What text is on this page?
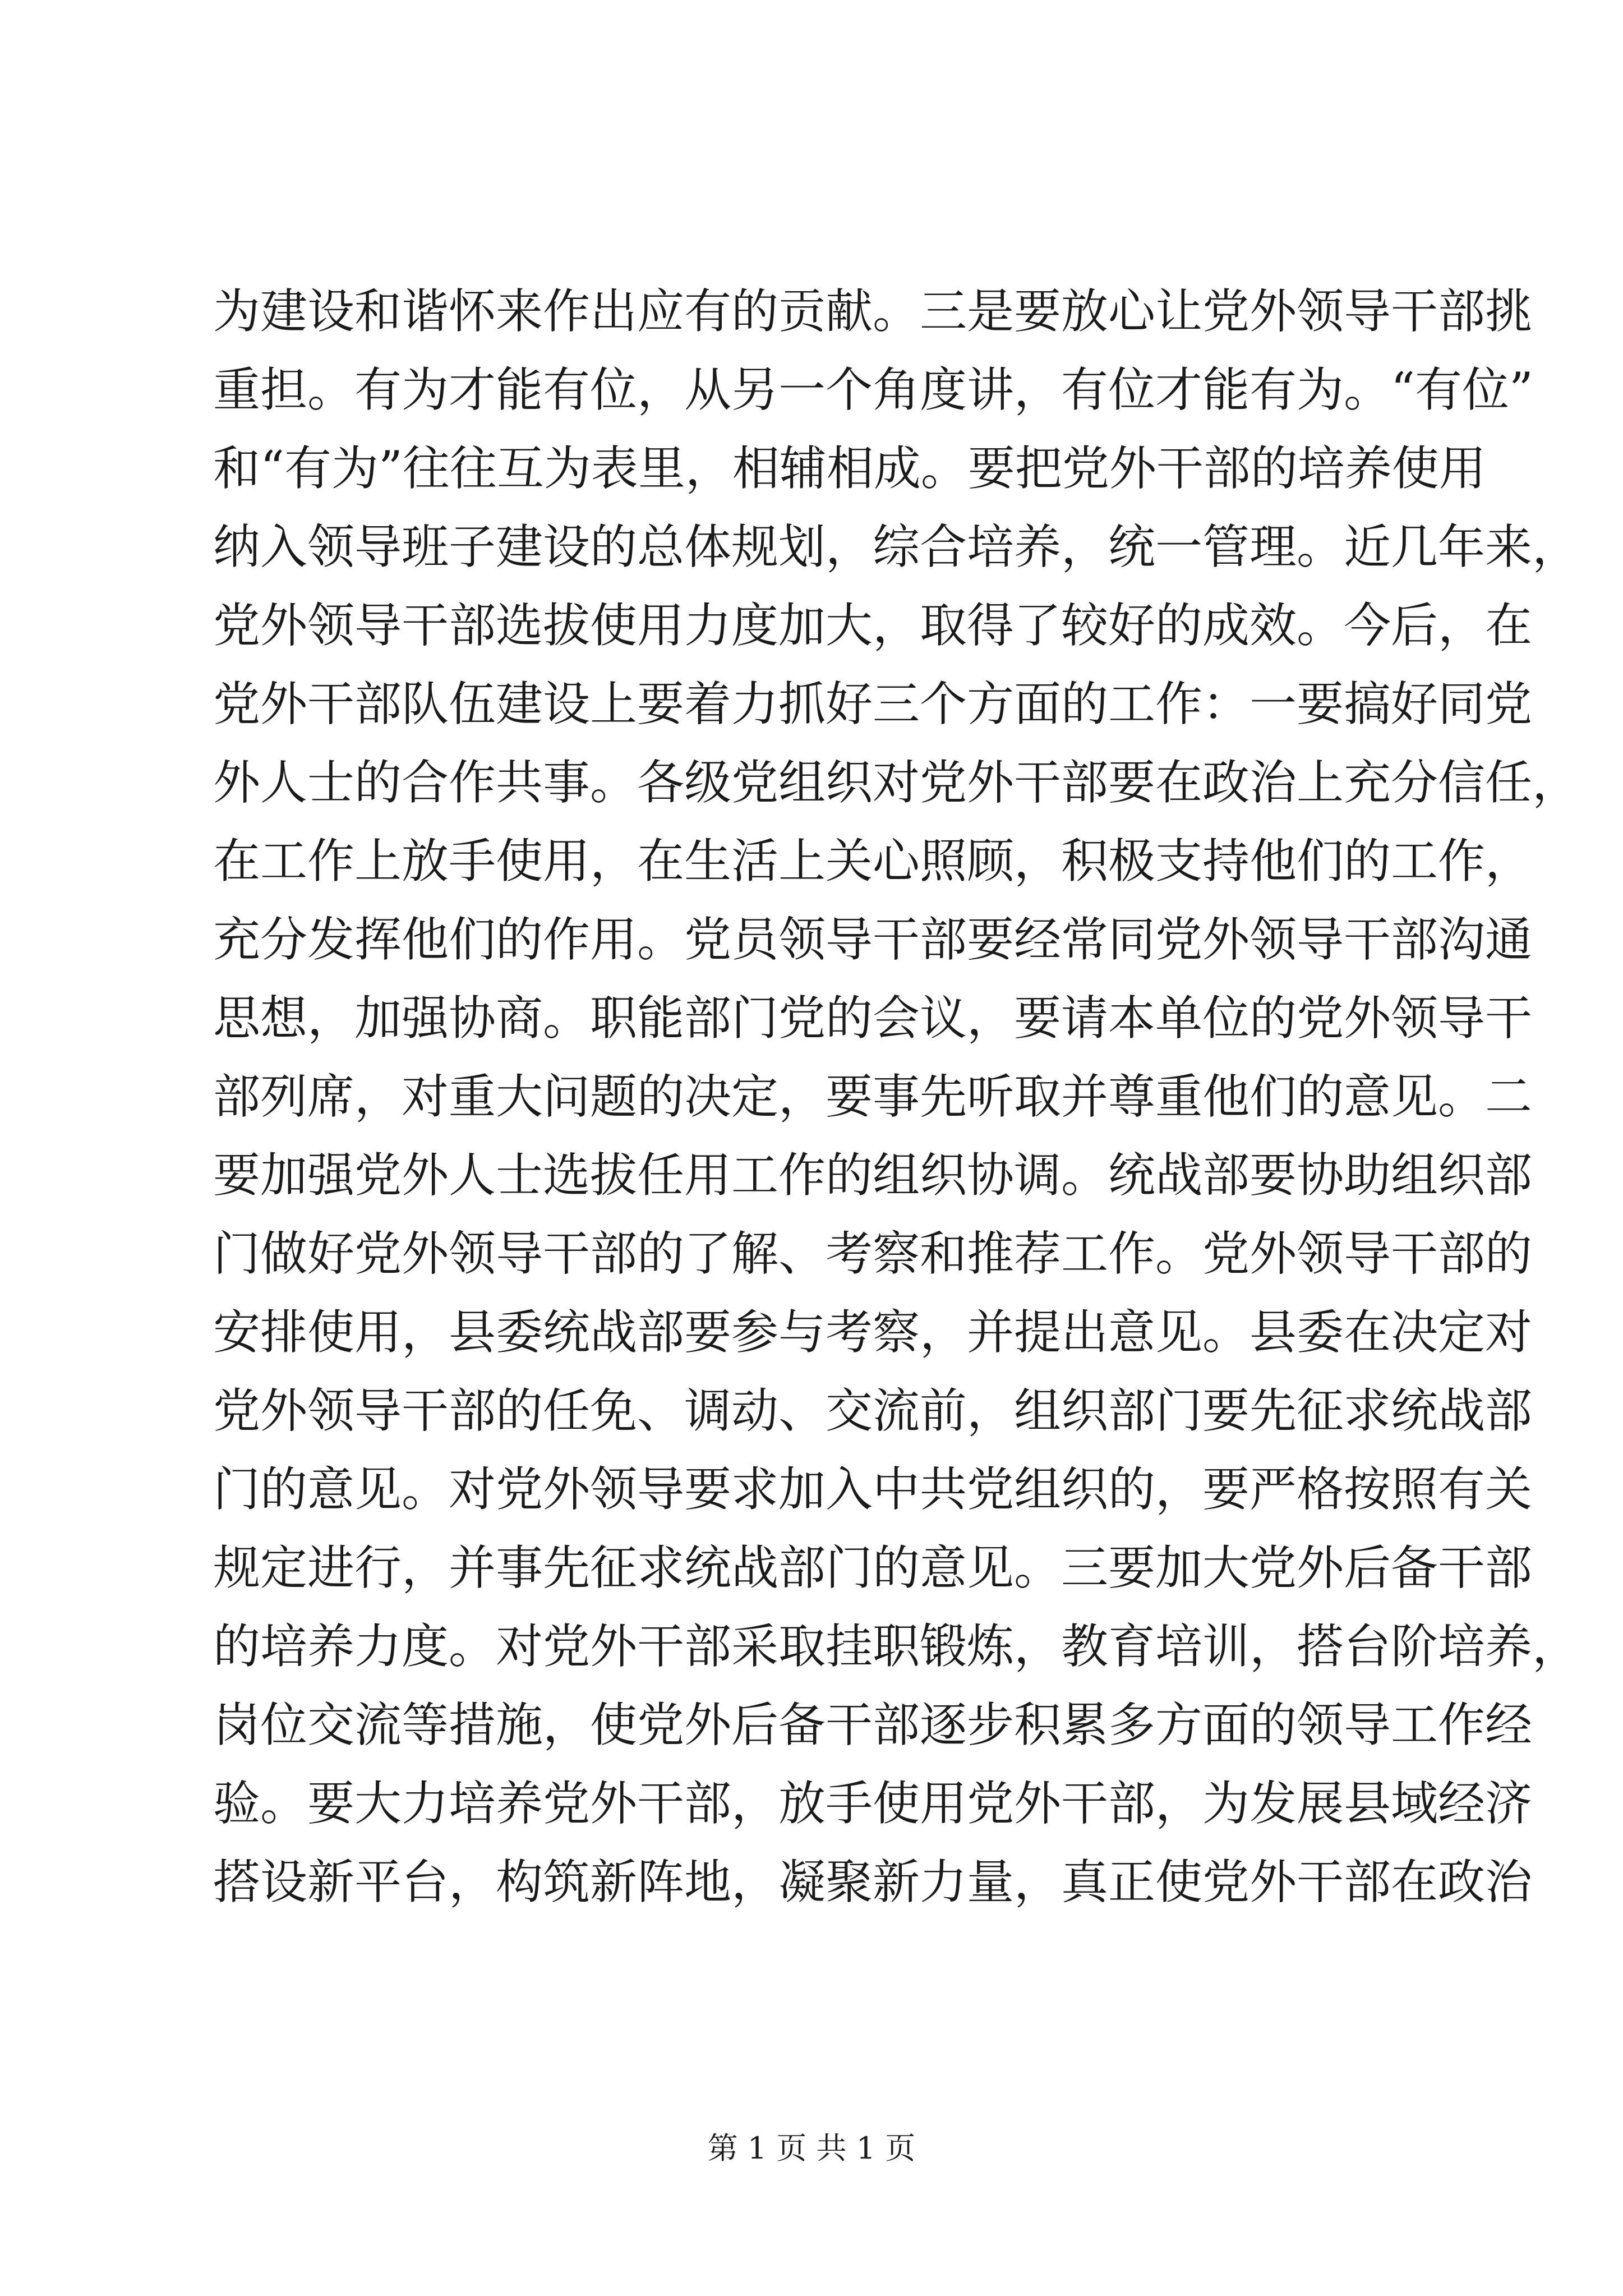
为建设和谐怀来作出应有的贡献。三是要放心让党外领导干部挑
重担。有为才能有位，从另一个角度讲，有位才能有为。“有位”
和“有为”往往互为表里，相辅相成。要把党外干部的培养使用
纳入领导班子建设的总体规划，综合培养，统一管理。近几年来，
党外领导干部选拔使用力度加大，取得了较好的成效。今后，在
党外干部队伍建设上要着力抓好三个方面的工作：一要搞好同党
外人士的合作共事。各级党组织对党外干部要在政治上充分信任，
在工作上放手使用，在生活上关心照顾，积极支持他们的工作，
充分发挥他们的作用。党员领导干部要经常同党外领导干部沟通
思想，加强协商。职能部门党的会议，要请本单位的党外领导干
部列席，对重大问题的决定，要事先听取并尊重他们的意见。二
要加强党外人士选拔任用工作的组织协调。统战部要协助组织部
门做好党外领导干部的了解、考察和推荐工作。党外领导干部的
安排使用，县委统战部要参与考察，并提出意见。县委在决定对
党外领导干部的任免、调动、交流前，组织部门要先征求统战部
门的意见。对党外领导要求加入中共党组织的，要严格按照有关
规定进行，并事先征求统战部门的意见。三要加大党外后备干部
的培养力度。对党外干部采取挂职锻炼，教育培训，搭台阶培养，
岗位交流等措施，使党外后备干部逐步积累多方面的领导工作经
验。要大力培养党外干部，放手使用党外干部，为发展县域经济
搭设新平台，构筑新阵地，凝聚新力量，真正使党外干部在政治
第 1 页 共 1 页
